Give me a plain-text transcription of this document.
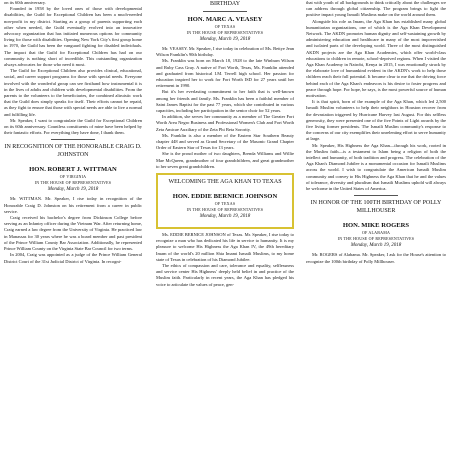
on its 60th anniversary.

Founded in 1958 by the loved ones of those with developmental disabilities, the Guild for Exceptional Children has been a much-needed non-profit in my district. Starting as a group of parents supporting each other when needed, the Guild eventually evolved into an innovative advocacy organization that has initiated numerous options for community living for those with disabilities. Opening New York City's first group home in 1970, the Guild has been the vanguard fighting for disabled individuals. The impact that the Guild for Exceptional Children has had on our community is nothing short of incredible. This outstanding organization always advocates for those who need it most.

The Guild for Exceptional Children also provides clinical, educational, social, and career support programs for those with special needs. Everyone involved with the wonderful group can see firsthand how instrumental it is in the lives of adults and children with developmental disabilities. From the parents to the volunteers to the beneficiaries, the combined altruistic work that the Guild does simply speaks for itself. Their efforts cannot be repaid, as they fight to ensure that those with special needs are able to live a normal and fulfilling life.

Mr. Speaker, I want to congratulate the Guild for Exceptional Children on its 60th anniversary. Countless constituents of mine have been helped by their fantastic efforts. For everything they have done, I thank them.

IN RECOGNITION OF THE HONORABLE CRAIG D. JOHNSTON

HON. ROBERT J. WITTMAN

OF VIRGINIA

IN THE HOUSE OF REPRESENTATIVES

Monday, March 19, 2018

Mr. WITTMAN. Mr. Speaker, I rise today in recognition of the Honorable Craig D. Johnston on his retirement from a career in public service.

Craig received his bachelor's degree from Dickinson College before serving as an Infantry officer during the Vietnam War. After returning home, Craig earned a law degree from the University of Virginia. He practiced law in Manassas for 30 years where he was a board member and past president of the Prince William County Bar Association. Additionally, he represented Prince William County on the Virginia State Bar Council for two terms.

In 2004, Craig was appointed as a judge of the Prince William General District Court of the 31st Judicial District of Virginia. In recogni-

BIRTHDAY

HON. MARC A. VEASEY

OF TEXAS

IN THE HOUSE OF REPRESENTATIVES

Monday, March 19, 2018

Mr. VEASEY. Mr. Speaker, I rise today in celebration of Ms. Bettye Jean Wilson Franklin's 90th birthday.

Ms. Franklin was born on March 18, 1928 to the late Winburn Wilson and Ruby Cass Gray. A native of Fort Worth, Texas, Ms. Franklin attended and graduated from historical I.M. Terrell high school. Her passion for education inspired her to work for Fort Worth ISD for 27 years until her retirement in 1990.

But it's her everlasting commitment to her faith that is well-known among her friends and family. Ms. Franklin has been a faithful member of Saint James Baptist for the past 77 years, which she contributed in various capacities, including her participation in the senior choir for 52 years.

In addition, she serves her community as a member of The Greater Fort Worth Area Negro Business and Professional Women's Club and Fort Worth Zeta Amicae Auxiliary of the Zeta Phi Beta Sorority.

Ms. Franklin is also a member of the Eastern Star Southern Beauty chapter 448 and served as Grand Secretary of the Masonic Grand Chapter Order of Eastern Star of Texas for 13 years.

She is the proud mother of two daughters, Brenda Williams and Willie Mae McQueen, grandmother of four grandchildren, and great grandmother to her seven great grandchildren.

WELCOMING THE AGA KHAN TO TEXAS

HON. EDDIE BERNICE JOHNSON

OF TEXAS

IN THE HOUSE OF REPRESENTATIVES

Monday, March 19, 2018

Ms. EDDIE BERNICE JOHNSON of Texas. Mr. Speaker, I rise today to recognize a man who has dedicated his life in service to humanity. It is my pleasure to welcome His Highness the Aga Khan IV, the 49th hereditary Imam of the world's 20 million Shia Imami Ismaili Muslims, to my home state of Texas in celebration of his Diamond Jubilee.

The ethics of compassion and care, tolerance and equality, selflessness and service center His Highness' deeply held belief in and practice of the Muslim faith. Particularly in recent years, the Aga Khan has pledged his voice to articulate the values of peace, gen-

that with youth of all backgrounds to think critically about the challenges we can address through global citizenship. The program brings to light the positive impact young Ismaili Muslims make on the world around them.

Alongside his role as Imam, the Aga Khan has established many global humanitarian organizations, one of which is the Aga Khan Development Network. The AKDN promotes human dignity and self-sustaining growth by administering education and healthcare in many of the most impoverished and isolated parts of the developing world. Three of the most distinguished AKDN projects are the Aga Khan Academies, which offer world-class educations to children in remote, school-deprived regions. When I visited the Aga Khan Academy in Nairobi, Kenya in 2015, I was emotionally struck by the elaborate love of humankind evident in the AKDN's work to help those children reach their full potential. It became clear to me that the driving force behind each of the Aga Khan's endeavors is his desire to foster progress and peace through hope. For hope, he says, is the most powerful source of human motivation.

It is that spirit, born of the example of the Aga Khan, which led 2,500 Ismaili Muslim volunteers to help their neighbors in Houston recover from the devastation triggered by Hurricane Harvey last August. For this selfless generosity, they were presented one of the five Points of Light awards by the five living former presidents. The Ismaili Muslim community's response to the concerns of our city exemplifies their unrelenting effort to serve humanity at large.

Mr. Speaker, His Highness the Aga Khan—through his work, rooted in the Muslim faith—is a testament to Islam being a religion of both the intellect and humanity, of both tradition and progress. The celebration of the Aga Khan's Diamond Jubilee is a monumental occasion for Ismaili Muslims across the world. I wish to congratulate the American Ismaili Muslim community and convey to His Highness the Aga Khan that he and the values of tolerance, diversity and pluralism that Ismaili Muslims uphold will always be welcome in the United States of America.

IN HONOR OF THE 100TH BIRTHDAY OF POLLY MILLHOUSER

HON. MIKE ROGERS

OF ALABAMA

IN THE HOUSE OF REPRESENTATIVES

Monday, March 19, 2018

Mr. ROGERS of Alabama. Mr. Speaker, I ask for the House's attention to recognize the 100th birthday of Polly Millhouser.
